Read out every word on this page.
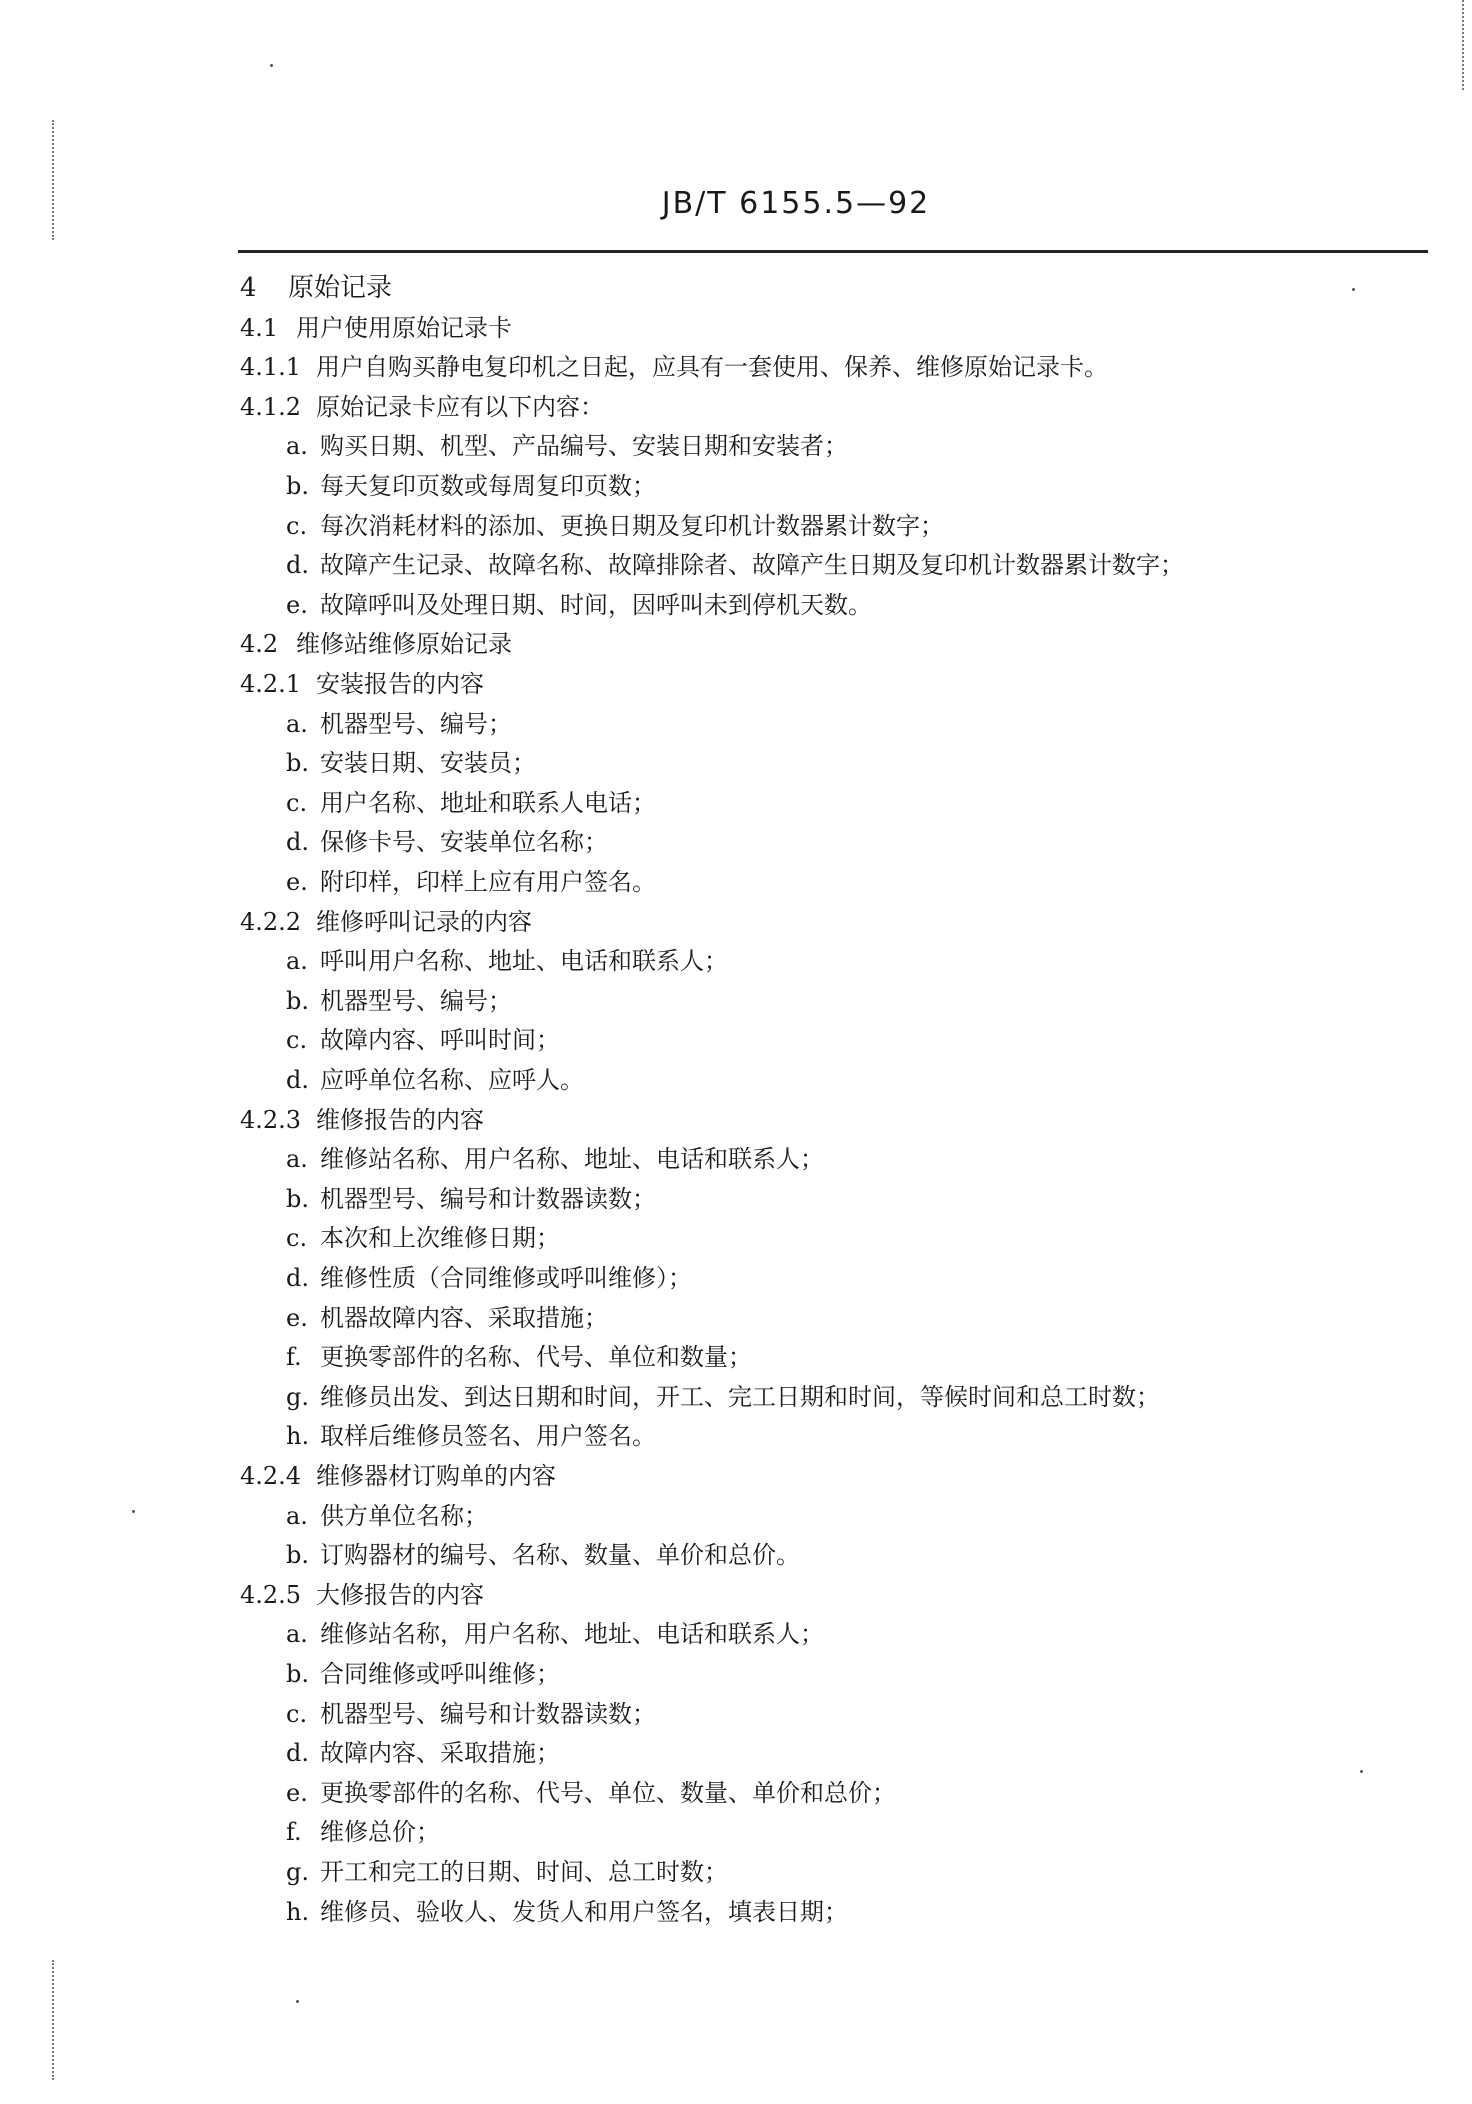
JB/T 6155.5—92
4 原始记录
4.1 用户使用原始记录卡
4.1.1 用户自购买静电复印机之日起，应具有一套使用、保养、维修原始记录卡。
4.1.2 原始记录卡应有以下内容：
a. 购买日期、机型、产品编号、安装日期和安装者；
b. 每天复印页数或每周复印页数；
c. 每次消耗材料的添加、更换日期及复印机计数器累计数字；
d. 故障产生记录、故障名称、故障排除者、故障产生日期及复印机计数器累计数字；
e. 故障呼叫及处理日期、时间，因呼叫未到停机天数。
4.2 维修站维修原始记录
4.2.1 安装报告的内容
a. 机器型号、编号；
b. 安装日期、安装员；
c. 用户名称、地址和联系人电话；
d. 保修卡号、安装单位名称；
e. 附印样，印样上应有用户签名。
4.2.2 维修呼叫记录的内容
a. 呼叫用户名称、地址、电话和联系人；
b. 机器型号、编号；
c. 故障内容、呼叫时间；
d. 应呼单位名称、应呼人。
4.2.3 维修报告的内容
a. 维修站名称、用户名称、地址、电话和联系人；
b. 机器型号、编号和计数器读数；
c. 本次和上次维修日期；
d. 维修性质（合同维修或呼叫维修）；
e. 机器故障内容、采取措施；
f. 更换零部件的名称、代号、单位和数量；
g. 维修员出发、到达日期和时间，开工、完工日期和时间，等候时间和总工时数；
h. 取样后维修员签名、用户签名。
4.2.4 维修器材订购单的内容
a. 供方单位名称；
b. 订购器材的编号、名称、数量、单价和总价。
4.2.5 大修报告的内容
a. 维修站名称，用户名称、地址、电话和联系人；
b. 合同维修或呼叫维修；
c. 机器型号、编号和计数器读数；
d. 故障内容、采取措施；
e. 更换零部件的名称、代号、单位、数量、单价和总价；
f. 维修总价；
g. 开工和完工的日期、时间、总工时数；
h. 维修员、验收人、发货人和用户签名，填表日期；
